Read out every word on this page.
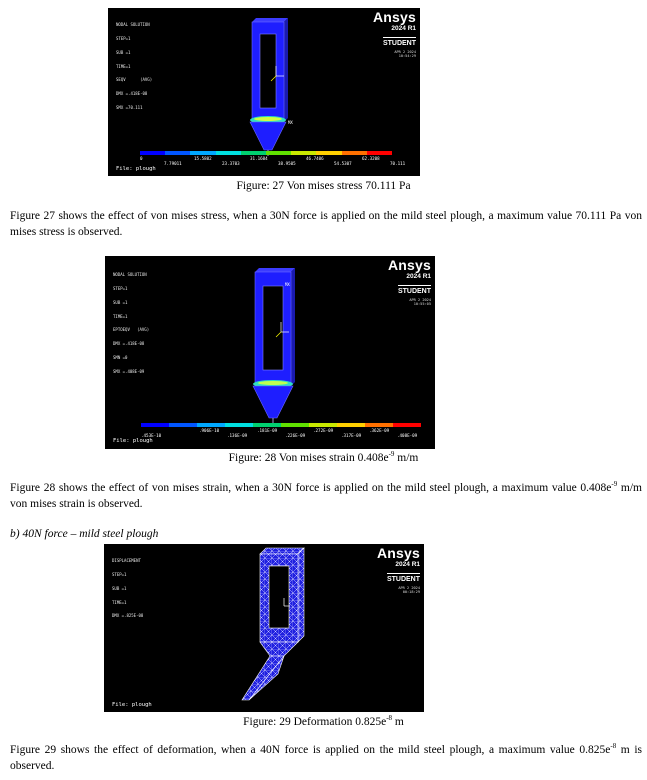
NODAL SOLUTION

STEP=1

SUB =1

TIME=1

SEQV      (AVG)

DMX =.418E-08

SMX =70.111

Ansys
2024 R1
STUDENT
APR 2 2024
10:54:29
MX
0	15.5802	31.1604	46.7406	62.3208
7.79011	23.3703	38.9505	54.5307	70.111
File: plough
Figure: 27 Von mises stress 70.111 Pa
Figure 27 shows the effect of von mises stress, when a 30N force is applied on the mild steel plough, a maximum value 70.111 Pa von mises stress is observed.

NODAL SOLUTION

STEP=1

SUB =1

TIME=1

EPTOEQV   (AVG)

DMX =.418E-08

SMN =0

SMX =.408E-09

Ansys
2024 R1
STUDENT
APR 2 2024
10:55:05
MX
.906E-10	.181E-09	.272E-09	.362E-09
.453E-10	.136E-09	.226E-09	.317E-09	.408E-09
File: plough
Figure: 28 Von mises strain $0.408e^{-9}$ m/m
Figure 28 shows the effect of von mises strain, when a 30N force is applied on the mild steel plough, a maximum value $0.408e^{-9}$ m/m von mises strain is observed.
b) 40N force – mild steel plough

DISPLACEMENT

STEP=1

SUB =1

TIME=1

DMX =.825E-08

Ansys
2024 R1
STUDENT
APR 2 2024
00:18:29
File: plough
Figure: 29 Deformation $0.825e^{-8}$ m
Figure 29 shows the effect of deformation, when a 40N force is applied on the mild steel plough, a maximum value $0.825e^{-8}$ m is observed.
